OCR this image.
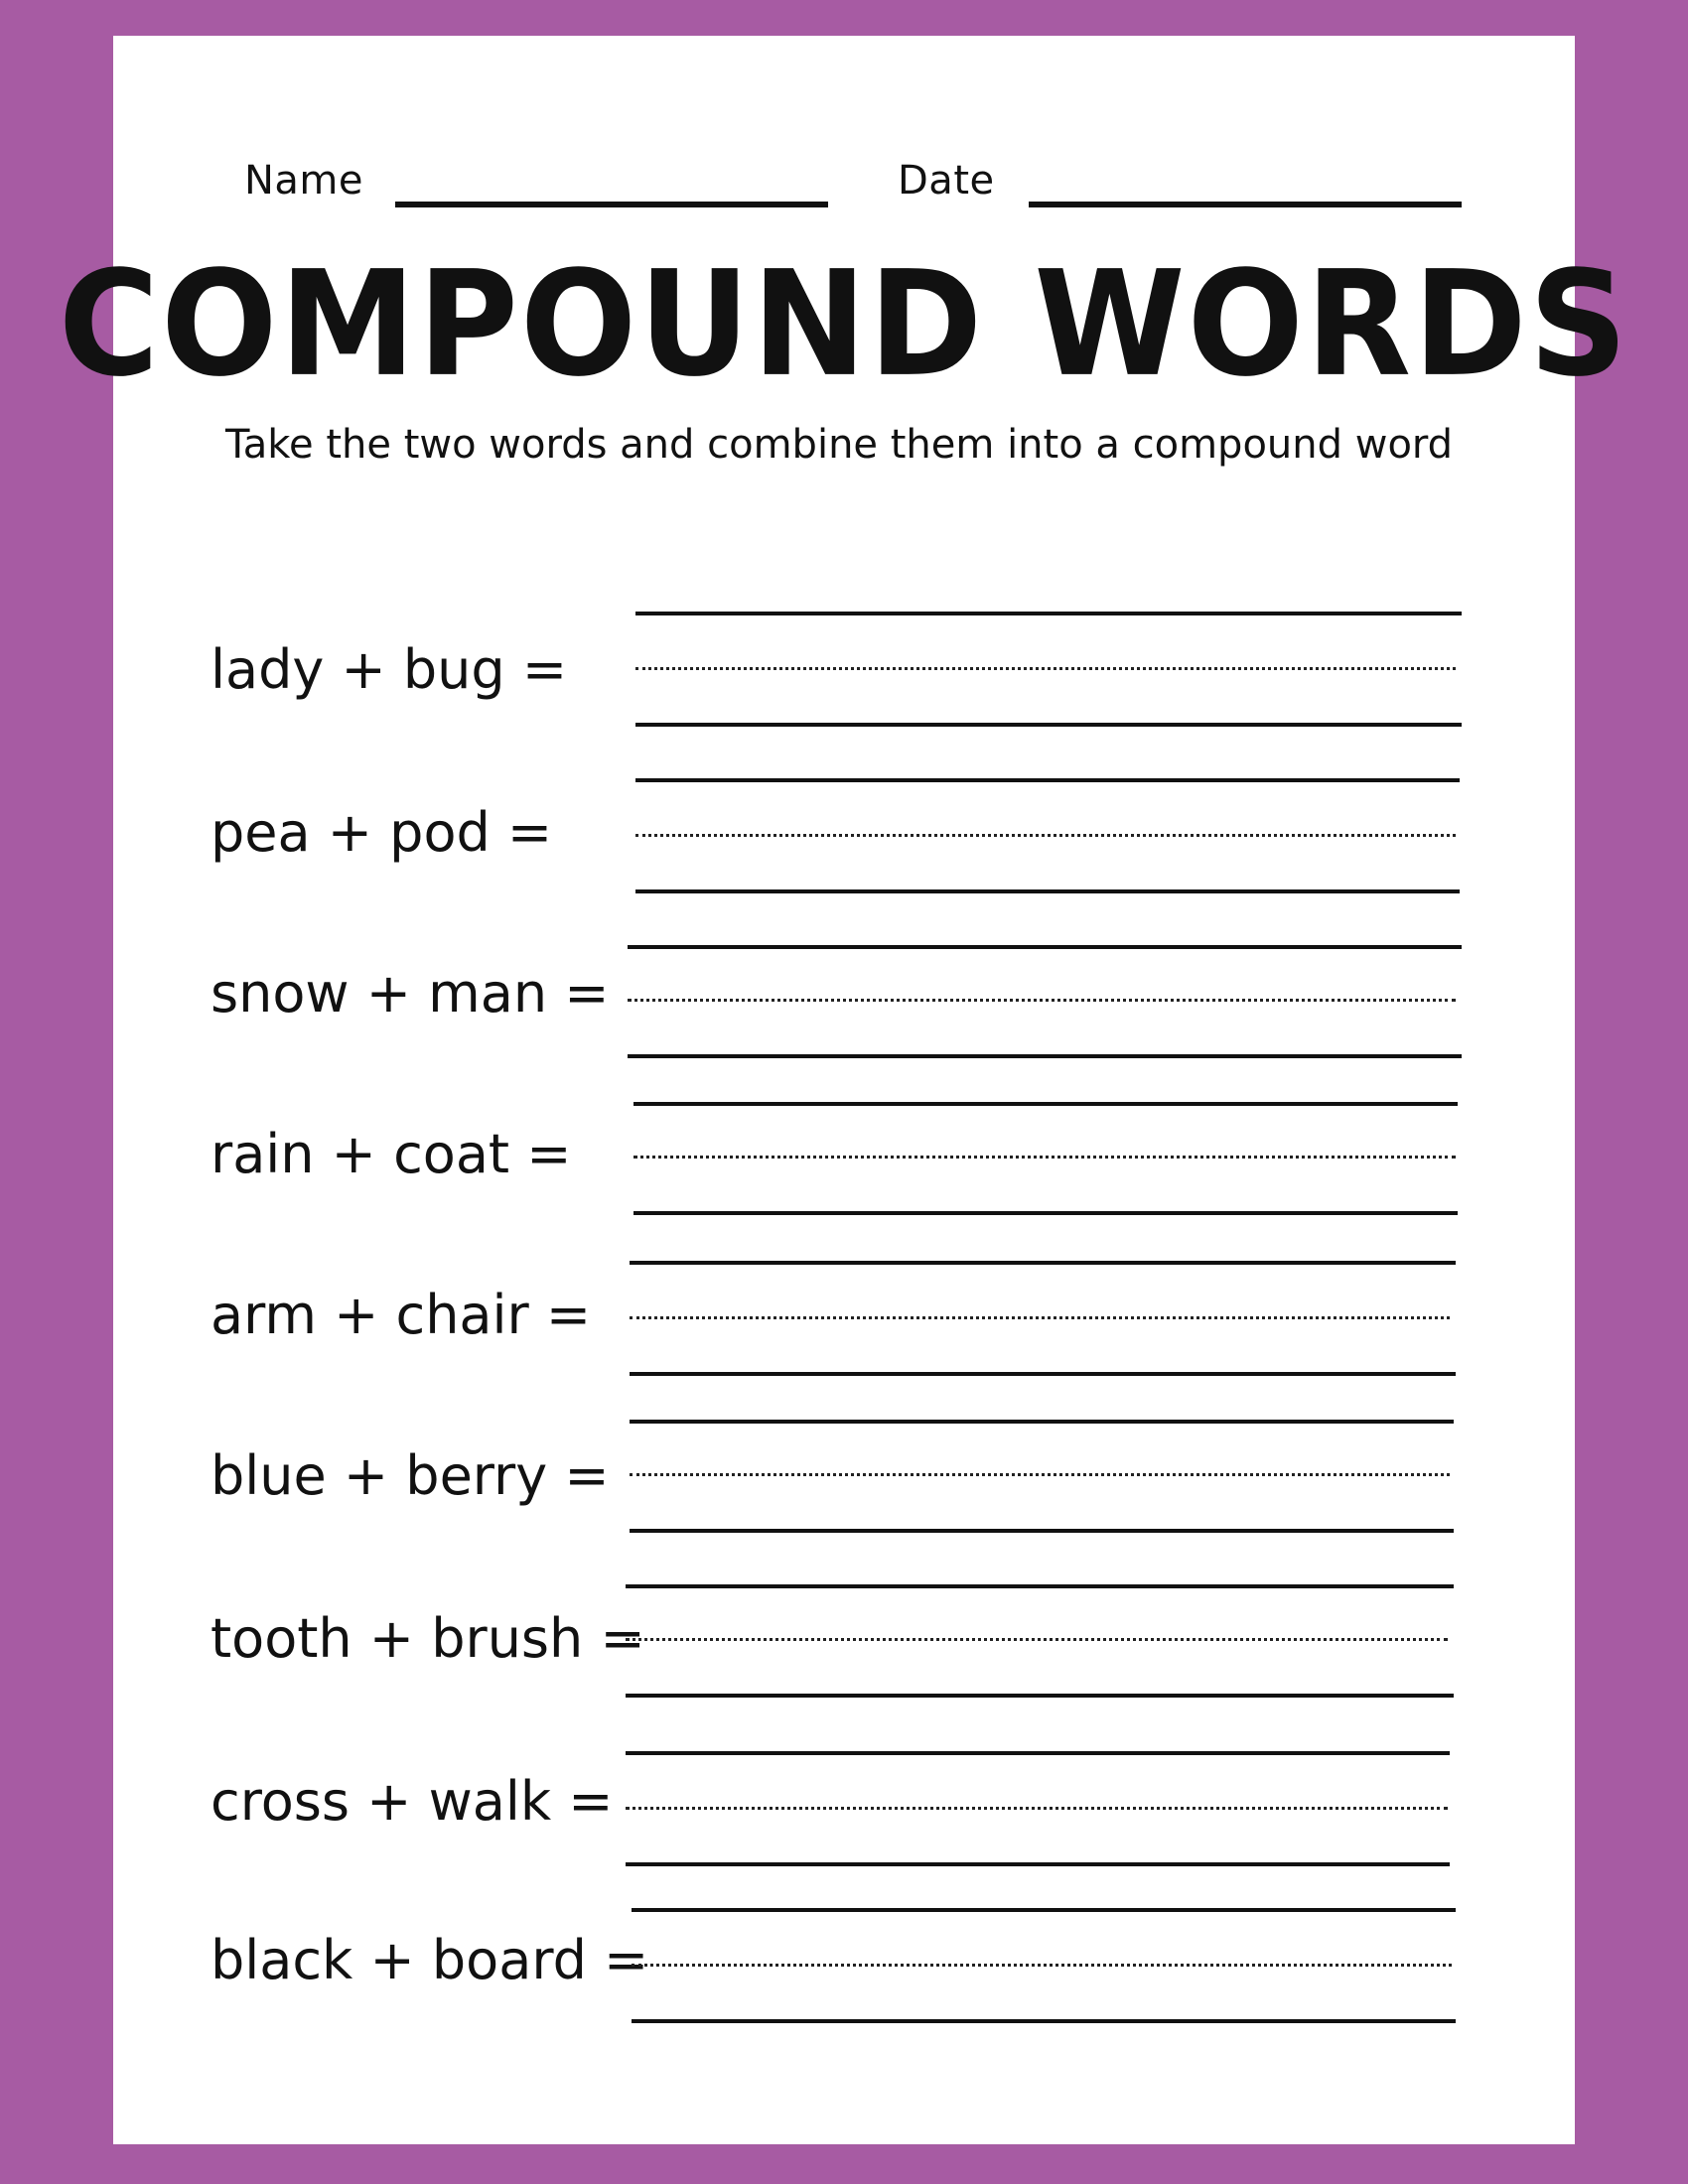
Name	Date
COMPOUND WORDS
Take the two words and combine them into a compound word
lady + bug =
pea + pod =
snow + man =
rain + coat =
arm + chair =
blue + berry =
tooth + brush =
cross + walk =
black + board =
